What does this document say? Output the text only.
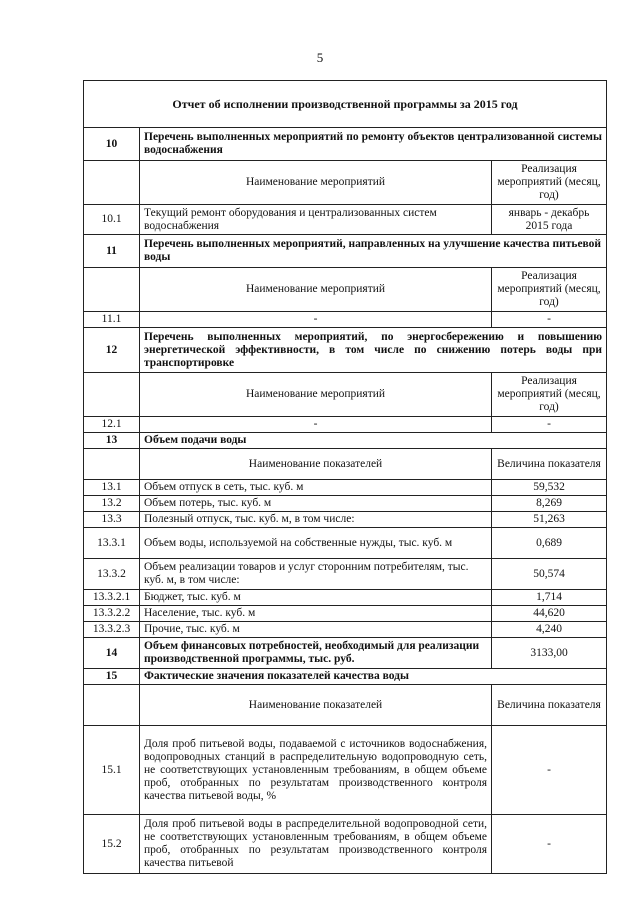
5
Отчет об исполнении производственной программы за 2015 год		
10	Перечень выполненных мероприятий по ремонту объектов централизованной системы водоснабжения	
	Наименование мероприятий	Реализация мероприятий (месяц, год)
10.1	Текущий ремонт оборудования и централизованных систем водоснабжения	январь - декабрь 2015 года
11	Перечень выполненных мероприятий, направленных на улучшение качества питьевой воды	
	Наименование мероприятий	Реализация мероприятий (месяц, год)
11.1	-	-
12	Перечень выполненных мероприятий, по энергосбережению и повышению энергетической эффективности, в том числе по снижению потерь воды при транспортировке	
	Наименование мероприятий	Реализация мероприятий (месяц, год)
12.1	-	-
13	Объем подачи воды	
	Наименование показателей	Величина показателя
13.1	Объем отпуск в сеть, тыс. куб. м	59,532
13.2	Объем потерь, тыс. куб. м	8,269
13.3	Полезный отпуск, тыс. куб. м, в том числе:	51,263
13.3.1	Объем воды, используемой на собственные нужды, тыс. куб. м	0,689
13.3.2	Объем реализации товаров и услуг сторонним потребителям, тыс. куб. м, в том числе:	50,574
13.3.2.1	Бюджет, тыс. куб. м	1,714
13.3.2.2	Население, тыс. куб. м	44,620
13.3.2.3	Прочие, тыс. куб. м	4,240
14	Объем финансовых потребностей, необходимый для реализации производственной программы, тыс. руб.	3133,00
15	Фактические значения показателей качества воды	
	Наименование показателей	Величина показателя
15.1	Доля проб питьевой воды, подаваемой с источников водоснабжения, водопроводных станций в распределительную водопроводную сеть, не соответствующих установленным требованиям, в общем объеме проб, отобранных по результатам производственного контроля качества питьевой воды, %	-
15.2	Доля проб питьевой воды в распределительной водопроводной сети, не соответствующих установленным требованиям, в общем объеме проб, отобранных по результатам производственного контроля качества питьевой	-
